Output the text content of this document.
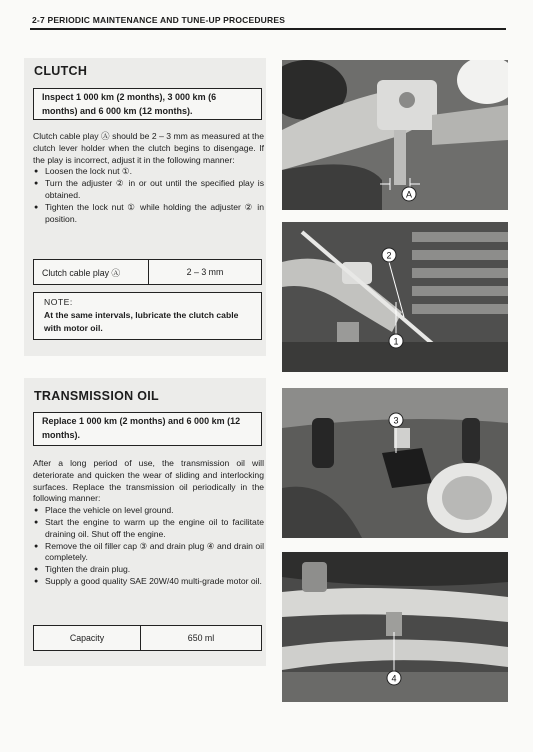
2-7 PERIODIC MAINTENANCE AND TUNE-UP PROCEDURES
CLUTCH
Inspect 1 000 km (2 months), 3 000 km (6 months) and 6 000 km (12 months).

Clutch cable play Ⓐ should be 2 – 3 mm as measured at the clutch lever holder when the clutch begins to disengage. If the play is incorrect, adjust it in the following manner:

● Loosen the lock nut ①.
● Turn the adjuster ② in or out until the specified play is obtained.
● Tighten the lock nut ① while holding the adjuster ② in position.
Clutch cable play Ⓐ	2 – 3 mm
NOTE:
At the same intervals, lubricate the clutch cable with motor oil.
TRANSMISSION OIL
Replace 1 000 km (2 months) and 6 000 km (12 months).

After a long period of use, the transmission oil will deteriorate and quicken the wear of sliding and interlocking surfaces. Replace the transmission oil periodically in the following manner:

● Place the vehicle on level ground.
● Start the engine to warm up the engine oil to facilitate draining oil. Shut off the engine.
● Remove the oil filler cap ③ and drain plug ④ and drain oil completely.
● Tighten the drain plug.
● Supply a good quality SAE 20W/40 multi-grade motor oil.
Capacity	650 ml
A
2
1
3
4
